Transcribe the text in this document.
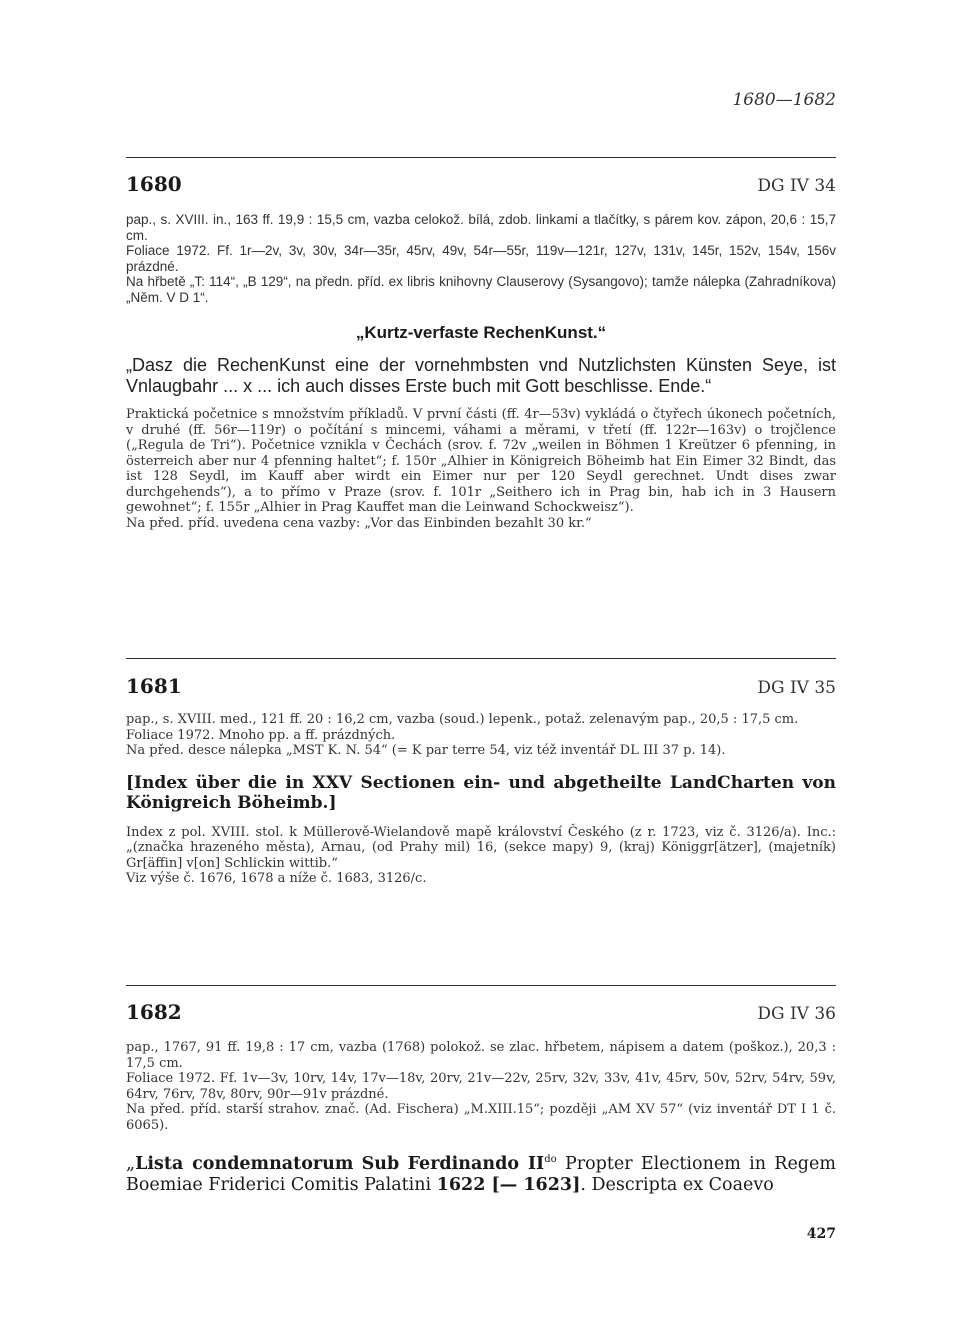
1680—1682
1680	DG IV 34

pap., s. XVIII. in., 163 ff. 19,9 : 15,5 cm, vazba celokož. bílá, zdob. linkami a tlačítky, s párem kov. zápon, 20,6 : 15,7 cm.

Foliace 1972. Ff. 1r—2v, 3v, 30v, 34r—35r, 45rv, 49v, 54r—55r, 119v—121r, 127v, 131v, 145r, 152v, 154v, 156v prázdné.

Na hřbetě „T: 114“, „B 129“, na předn. příd. ex libris knihovny Clauserovy (Sysangovo); tamže nálepka (Zahradníkova) „Něm. V D 1“.

„Kurtz-verfaste RechenKunst.“

„Dasz die RechenKunst eine der vornehmbsten vnd Nutzlichsten Künsten Seye, ist Vnlaugbahr ... x ... ich auch disses Erste buch mit Gott beschlisse. Ende.“

Praktická početnice s množstvím příkladů. V první části (ff. 4r—53v) vykládá o čtyřech úkonech početních, v druhé (ff. 56r—119r) o počítání s mincemi, váhami a měrami, v třetí (ff. 122r—163v) o trojčlence („Regula de Tri“). Početnice vznikla v Čechách (srov. f. 72v „weilen in Böhmen 1 Kreützer 6 pfenning, in österreich aber nur 4 pfenning haltet“; f. 150r „Alhier in Königreich Böheimb hat Ein Eimer 32 Bindt, das ist 128 Seydl, im Kauff aber wirdt ein Eimer nur per 120 Seydl gerechnet. Undt dises zwar durchgehends“), a to přímo v Praze (srov. f. 101r „Seithero ich in Prag bin, hab ich in 3 Hausern gewohnet“; f. 155r „Alhier in Prag Kauffet man die Leinwand Schockweisz“).

Na před. příd. uvedena cena vazby: „Vor das Einbinden bezahlt 30 kr.“

1681	DG IV 35

pap., s. XVIII. med., 121 ff. 20 : 16,2 cm, vazba (soud.) lepenk., potaž. zelenavým pap., 20,5 : 17,5 cm.

Foliace 1972. Mnoho pp. a ff. prázdných.

Na před. desce nálepka „MST K. N. 54“ (= K par terre 54, viz též inventář DL III 37 p. 14).

[Index über die in XXV Sectionen ein- und abgetheilte LandCharten von Königreich Böheimb.]

Index z pol. XVIII. stol. k Müllerově-Wielandově mapě království Českého (z r. 1723, viz č. 3126/a). Inc.: „(značka hrazeného města), Arnau, (od Prahy mil) 16, (sekce mapy) 9, (kraj) Königgr[ätzer], (majetník) Gr[äffin] v[on] Schlickin wittib.“

Viz výše č. 1676, 1678 a níže č. 1683, 3126/c.

1682	DG IV 36

pap., 1767, 91 ff. 19,8 : 17 cm, vazba (1768) polokož. se zlac. hřbetem, nápisem a datem (poškoz.), 20,3 : 17,5 cm.

Foliace 1972. Ff. 1v—3v, 10rv, 14v, 17v—18v, 20rv, 21v—22v, 25rv, 32v, 33v, 41v, 45rv, 50v, 52rv, 54rv, 59v, 64rv, 76rv, 78v, 80rv, 90r—91v prázdné.

Na před. příd. starší strahov. znač. (Ad. Fischera) „M.XIII.15“; později „AM XV 57“ (viz inventář DT I 1 č. 6065).

„Lista condemnatorum Sub Ferdinando $II^{do}$ Propter Electionem in Regem Boemiae Friderici Comitis Palatini 1622 [— 1623]. Descripta ex Coaevo

427
